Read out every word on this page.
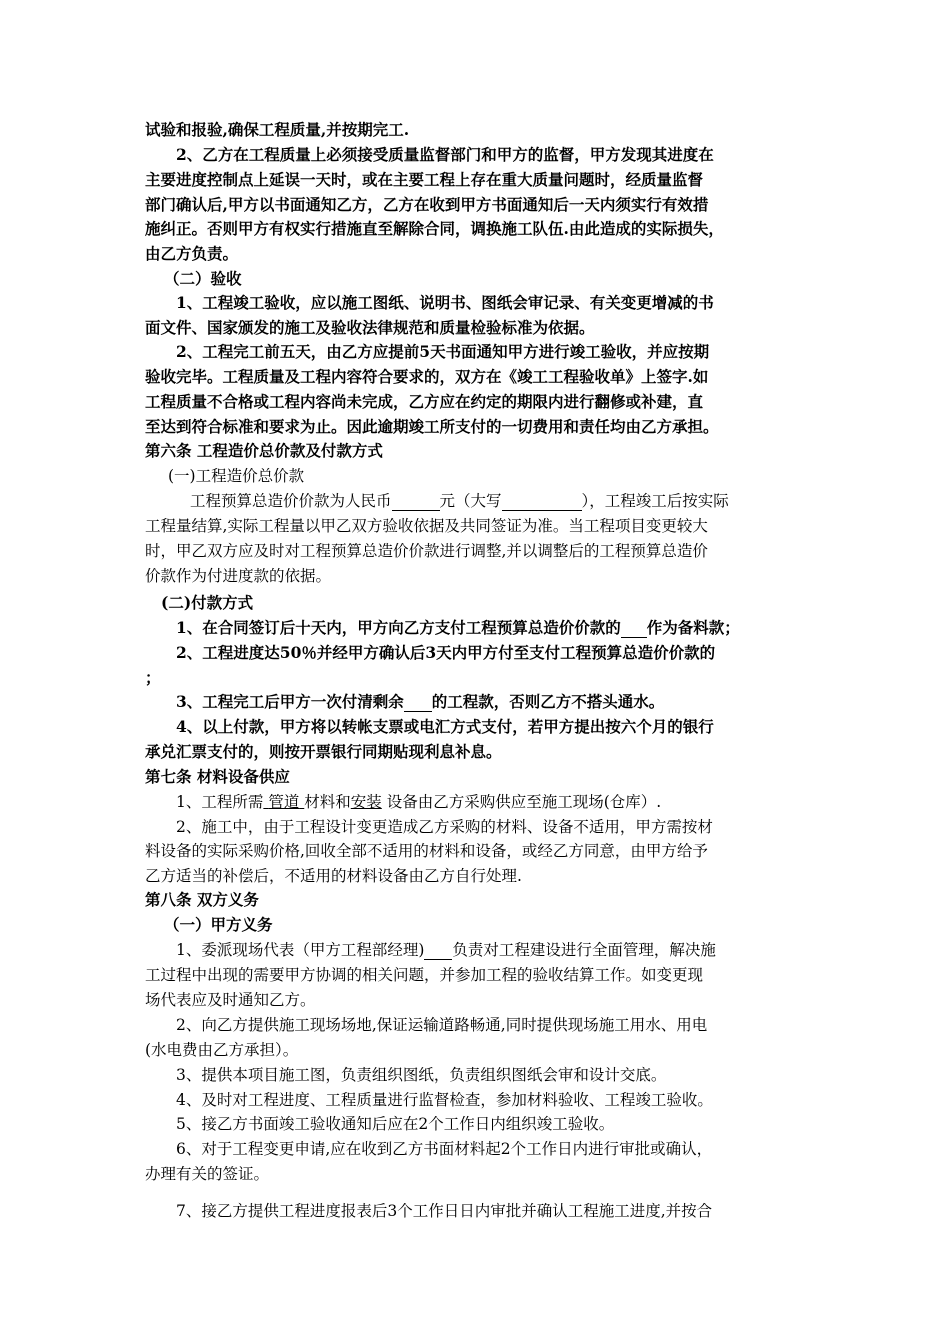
试验和报验,确保工程质量,并按期完工.
2、乙方在工程质量上必须接受质量监督部门和甲方的监督，甲方发现其进度在
主要进度控制点上延误一天时，或在主要工程上存在重大质量问题时，经质量监督
部门确认后,甲方以书面通知乙方，乙方在收到甲方书面通知后一天内须实行有效措
施纠正。否则甲方有权实行措施直至解除合同，调换施工队伍.由此造成的实际损失，
由乙方负责。
（二）验收
1、工程竣工验收，应以施工图纸、说明书、图纸会审记录、有关变更增减的书
面文件、国家颁发的施工及验收法律规范和质量检验标准为依据。
2、工程完工前五天，由乙方应提前5天书面通知甲方进行竣工验收，并应按期
验收完毕。工程质量及工程内容符合要求的，双方在《竣工工程验收单》上签字.如
工程质量不合格或工程内容尚未完成，乙方应在约定的期限内进行翻修或补建，直
至达到符合标准和要求为止。因此逾期竣工所支付的一切费用和责任均由乙方承担。
第六条 工程造价总价款及付款方式
(一)工程造价总价款
工程预算总造价价款为人民币	元（大写	），工程竣工后按实际
工程量结算,实际工程量以甲乙双方验收依据及共同签证为准。当工程项目变更较大
时，甲乙双方应及时对工程预算总造价价款进行调整,并以调整后的工程预算总造价
价款作为付进度款的依据。
(二)付款方式
1、在合同签订后十天内，甲方向乙方支付工程预算总造价价款的 作为备料款；
2、工程进度达50％并经甲方确认后3天内甲方付至支付工程预算总造价价款的
；
3、工程完工后甲方一次付清剩余 的工程款，否则乙方不搭头通水。
4、以上付款，甲方将以转帐支票或电汇方式支付，若甲方提出按六个月的银行
承兑汇票支付的，则按开票银行同期贴现利息补息。
第七条 材料设备供应
1、工程所需 管道 材料和安装 设备由乙方采购供应至施工现场(仓库）.
2、施工中，由于工程设计变更造成乙方采购的材料、设备不适用，甲方需按材
料设备的实际采购价格,回收全部不适用的材料和设备，或经乙方同意，由甲方给予
乙方适当的补偿后，不适用的材料设备由乙方自行处理.
第八条 双方义务
（一）甲方义务
1、委派现场代表（甲方工程部经理) 负责对工程建设进行全面管理，解决施
工过程中出现的需要甲方协调的相关问题，并参加工程的验收结算工作。如变更现
场代表应及时通知乙方。
2、向乙方提供施工现场场地,保证运输道路畅通,同时提供现场施工用水、用电
(水电费由乙方承担）。
3、提供本项目施工图，负责组织图纸，负责组织图纸会审和设计交底。
4、及时对工程进度、工程质量进行监督检查，参加材料验收、工程竣工验收。
5、接乙方书面竣工验收通知后应在2个工作日内组织竣工验收。
6、对于工程变更申请,应在收到乙方书面材料起2个工作日内进行审批或确认，
办理有关的签证。
7、接乙方提供工程进度报表后3个工作日日内审批并确认工程施工进度,并按合
